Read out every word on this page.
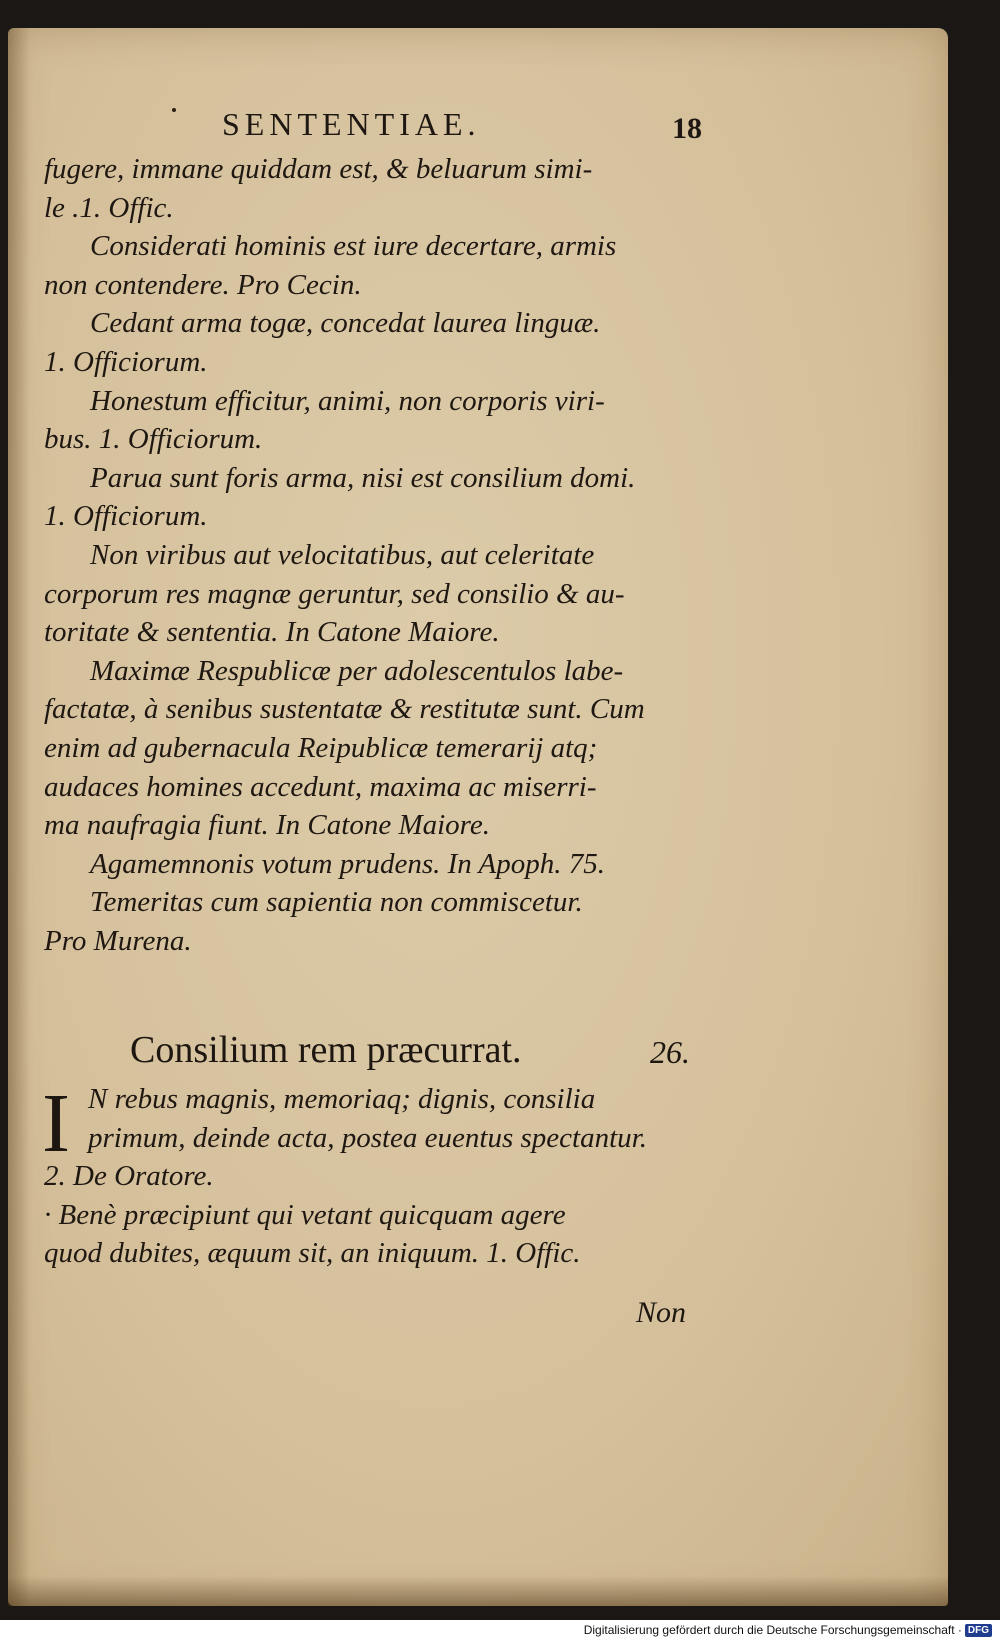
SENTENTIAE.	18
fugere, immane quiddam est, & beluarum simi-
le .1. Offic.
Considerati hominis est iure decertare, armis
non contendere. Pro Cecin.
Cedant arma togæ, concedat laurea linguæ.
1. Officiorum.
Honestum efficitur, animi, non corporis viri-
bus. 1. Officiorum.
Parua sunt foris arma, nisi est consilium domi.
1. Officiorum.
Non viribus aut velocitatibus, aut celeritate
corporum res magnæ geruntur, sed consilio & au-
toritate & sententia. In Catone Maiore.
Maximæ Respublicæ per adolescentulos labe-
factatæ, à senibus sustentatæ & restitutæ sunt. Cum
enim ad gubernacula Reipublicæ temerarij atq;
audaces homines accedunt, maxima ac miserri-
ma naufragia fiunt. In Catone Maiore.
Agamemnonis votum prudens. In Apoph. 75.
Temeritas cum sapientia non commiscetur.
Pro Murena.
Consilium rem præcurrat.	26.
I N rebus magnis, memoriaq; dignis, consilia
primum, deinde acta, postea euentus spectantur.
2. De Oratore.
· Benè præcipiunt qui vetant quicquam agere
quod dubites, æquum sit, an iniquum. 1. Offic.
Non
Digitalisierung gefördert durch die Deutsche Forschungsgemeinschaft · DFG
